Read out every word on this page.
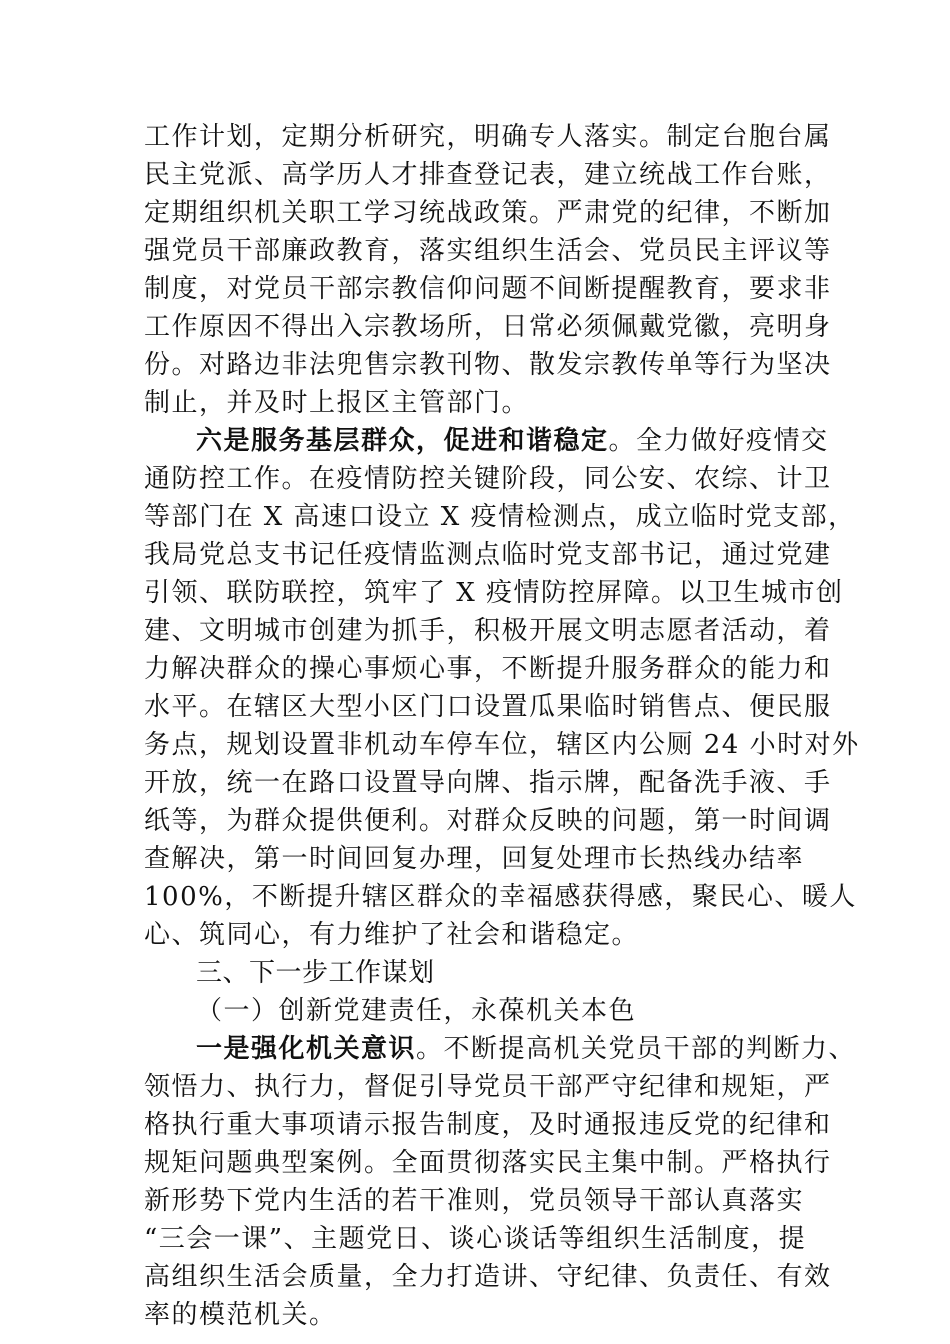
工作计划，定期分析研究，明确专人落实。制定台胞台属
民主党派、高学历人才排查登记表，建立统战工作台账，
定期组织机关职工学习统战政策。严肃党的纪律，不断加
强党员干部廉政教育，落实组织生活会、党员民主评议等
制度，对党员干部宗教信仰问题不间断提醒教育，要求非
工作原因不得出入宗教场所，日常必须佩戴党徽，亮明身
份。对路边非法兜售宗教刊物、散发宗教传单等行为坚决
制止，并及时上报区主管部门。
六是服务基层群众，促进和谐稳定。全力做好疫情交
通防控工作。在疫情防控关键阶段，同公安、农综、计卫
等部门在 X 高速口设立 X 疫情检测点，成立临时党支部，
我局党总支书记任疫情监测点临时党支部书记，通过党建
引领、联防联控，筑牢了 X 疫情防控屏障。以卫生城市创
建、文明城市创建为抓手，积极开展文明志愿者活动，着
力解决群众的操心事烦心事，不断提升服务群众的能力和
水平。在辖区大型小区门口设置瓜果临时销售点、便民服
务点，规划设置非机动车停车位，辖区内公厕 24 小时对外
开放，统一在路口设置导向牌、指示牌，配备洗手液、手
纸等，为群众提供便利。对群众反映的问题，第一时间调
查解决，第一时间回复办理，回复处理市长热线办结率
100%，不断提升辖区群众的幸福感获得感，聚民心、暖人
心、筑同心，有力维护了社会和谐稳定。
三、下一步工作谋划
（一）创新党建责任，永葆机关本色
一是强化机关意识。不断提高机关党员干部的判断力、
领悟力、执行力，督促引导党员干部严守纪律和规矩，严
格执行重大事项请示报告制度，及时通报违反党的纪律和
规矩问题典型案例。全面贯彻落实民主集中制。严格执行
新形势下党内生活的若干准则，党员领导干部认真落实
“三会一课”、主题党日、谈心谈话等组织生活制度，提
高组织生活会质量，全力打造讲、守纪律、负责任、有效
率的模范机关。
